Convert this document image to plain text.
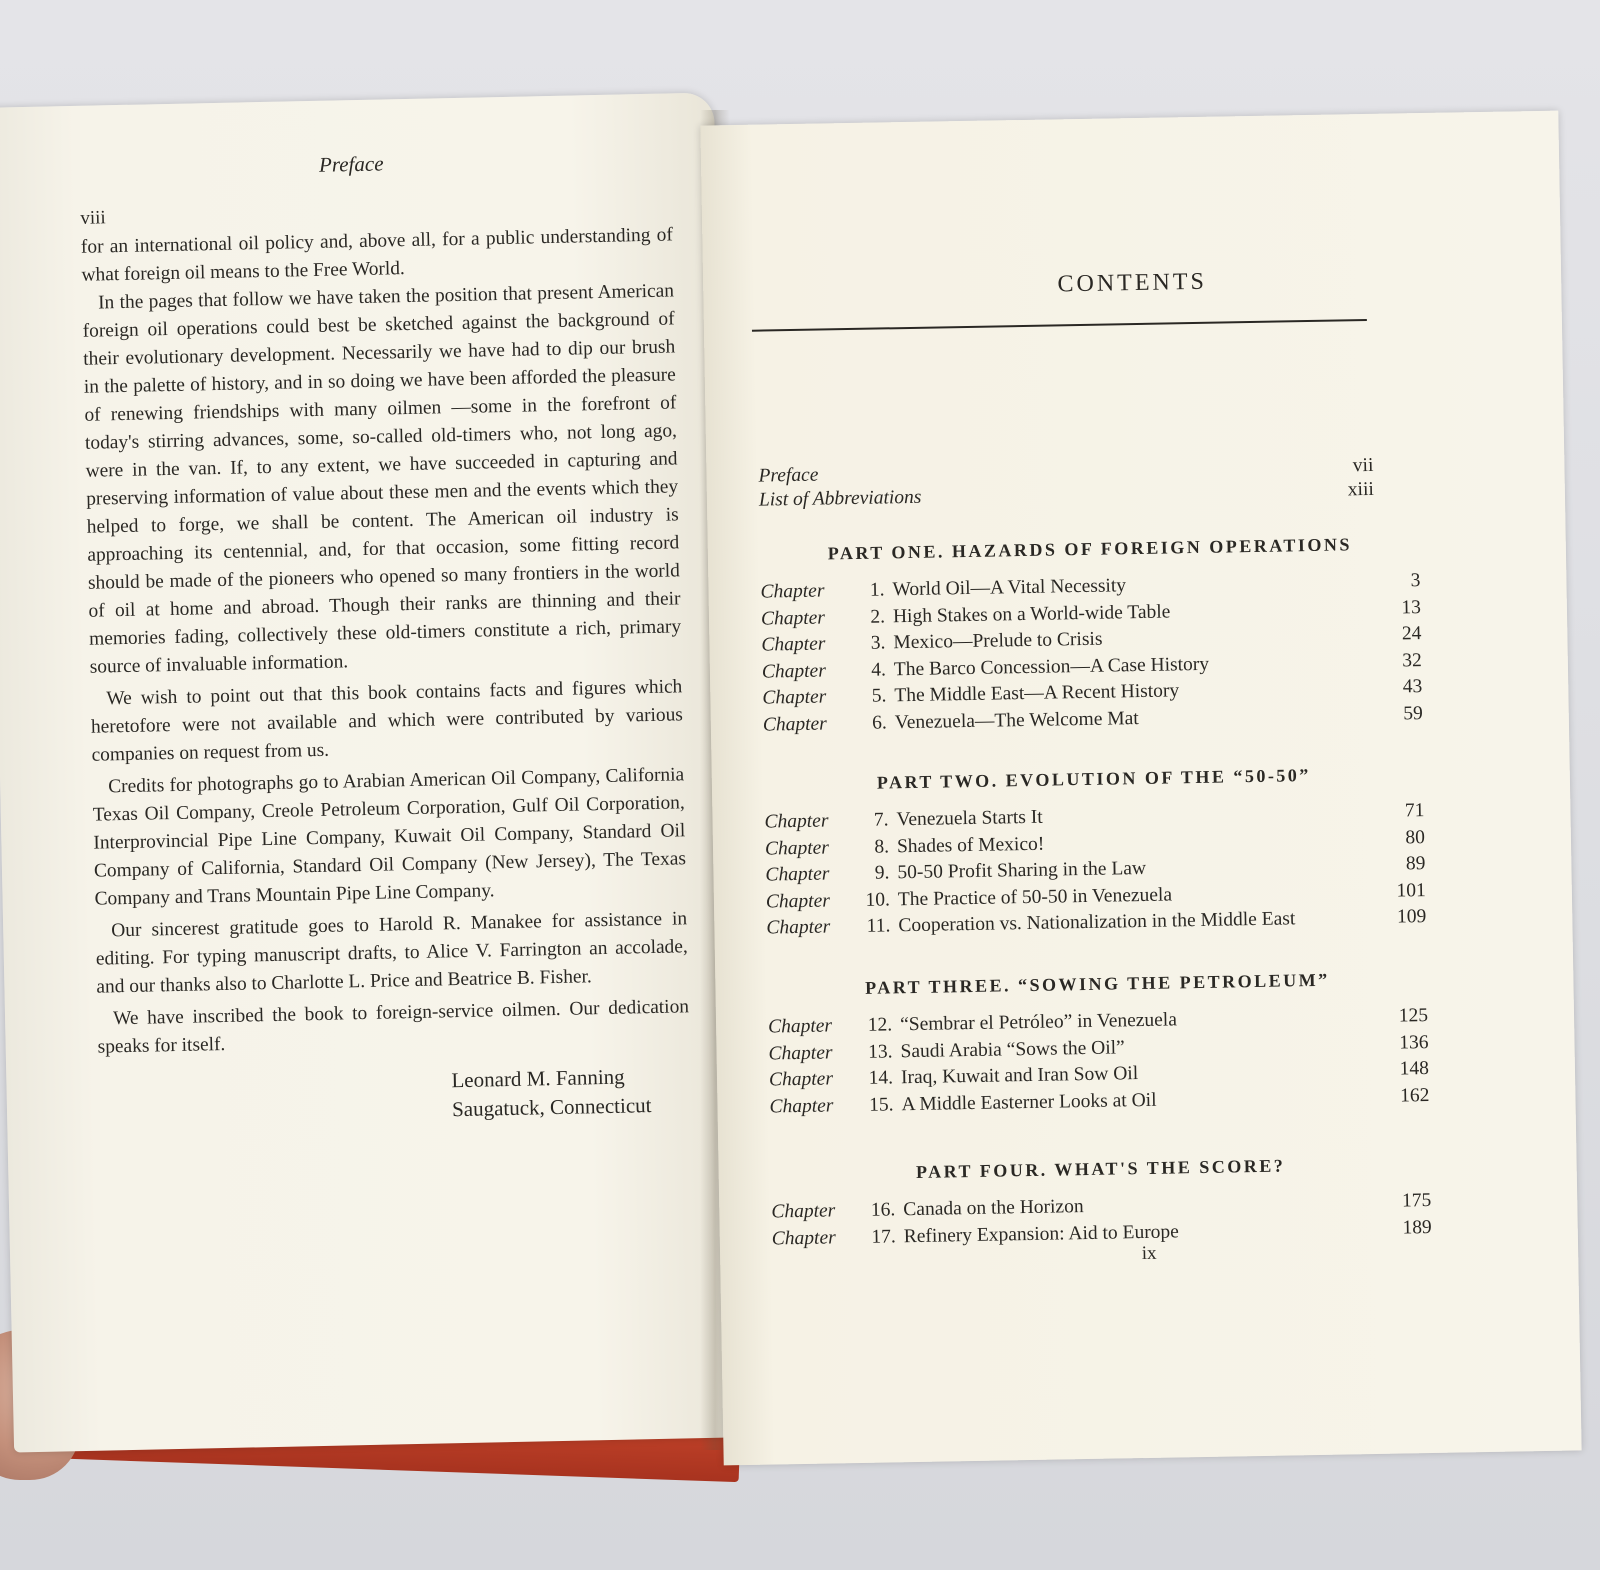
Preface
viii

for an international oil policy and, above all, for a public understanding of what foreign oil means to the Free World.

In the pages that follow we have taken the position that present American foreign oil operations could best be sketched against the background of their evolutionary development. Necessarily we have had to dip our brush in the palette of history, and in so doing we have been afforded the pleasure of renewing friendships with many oilmen —some in the forefront of today's stirring advances, some, so-called old-timers who, not long ago, were in the van. If, to any extent, we have succeeded in capturing and preserving information of value about these men and the events which they helped to forge, we shall be content. The American oil industry is approaching its centennial, and, for that occasion, some fitting record should be made of the pioneers who opened so many frontiers in the world of oil at home and abroad. Though their ranks are thinning and their memories fading, collectively these old-timers constitute a rich, primary source of invaluable information.

We wish to point out that this book contains facts and figures which heretofore were not available and which were contributed by various companies on request from us.

Credits for photographs go to Arabian American Oil Company, California Texas Oil Company, Creole Petroleum Corporation, Gulf Oil Corporation, Interprovincial Pipe Line Company, Kuwait Oil Company, Standard Oil Company of California, Standard Oil Company (New Jersey), The Texas Company and Trans Mountain Pipe Line Company.

Our sincerest gratitude goes to Harold R. Manakee for assistance in editing. For typing manuscript drafts, to Alice V. Farrington an accolade, and our thanks also to Charlotte L. Price and Beatrice B. Fisher.

We have inscribed the book to foreign-service oilmen. Our dedication speaks for itself.

Leonard M. Fanning
Saugatuck, Connecticut
CONTENTS
Preface	vii
List of Abbreviations	xiii
PART ONE. HAZARDS OF FOREIGN OPERATIONS
Chapter	1. World Oil—A Vital Necessity	3
Chapter	2. High Stakes on a World-wide Table	13
Chapter	3. Mexico—Prelude to Crisis	24
Chapter	4. The Barco Concession—A Case History	32
Chapter	5. The Middle East—A Recent History	43
Chapter	6. Venezuela—The Welcome Mat	59
PART TWO. EVOLUTION OF THE “50-50”
Chapter	7. Venezuela Starts It	71
Chapter	8. Shades of Mexico!	80
Chapter	9. 50-50 Profit Sharing in the Law	89
Chapter	10. The Practice of 50-50 in Venezuela	101
Chapter	11. Cooperation vs. Nationalization in the Middle East	109
PART THREE. “SOWING THE PETROLEUM”
Chapter	12. “Sembrar el Petróleo” in Venezuela	125
Chapter	13. Saudi Arabia “Sows the Oil”	136
Chapter	14. Iraq, Kuwait and Iran Sow Oil	148
Chapter	15. A Middle Easterner Looks at Oil	162
PART FOUR. WHAT'S THE SCORE?
Chapter	16. Canada on the Horizon	175
Chapter	17. Refinery Expansion: Aid to Europe	189
ix
